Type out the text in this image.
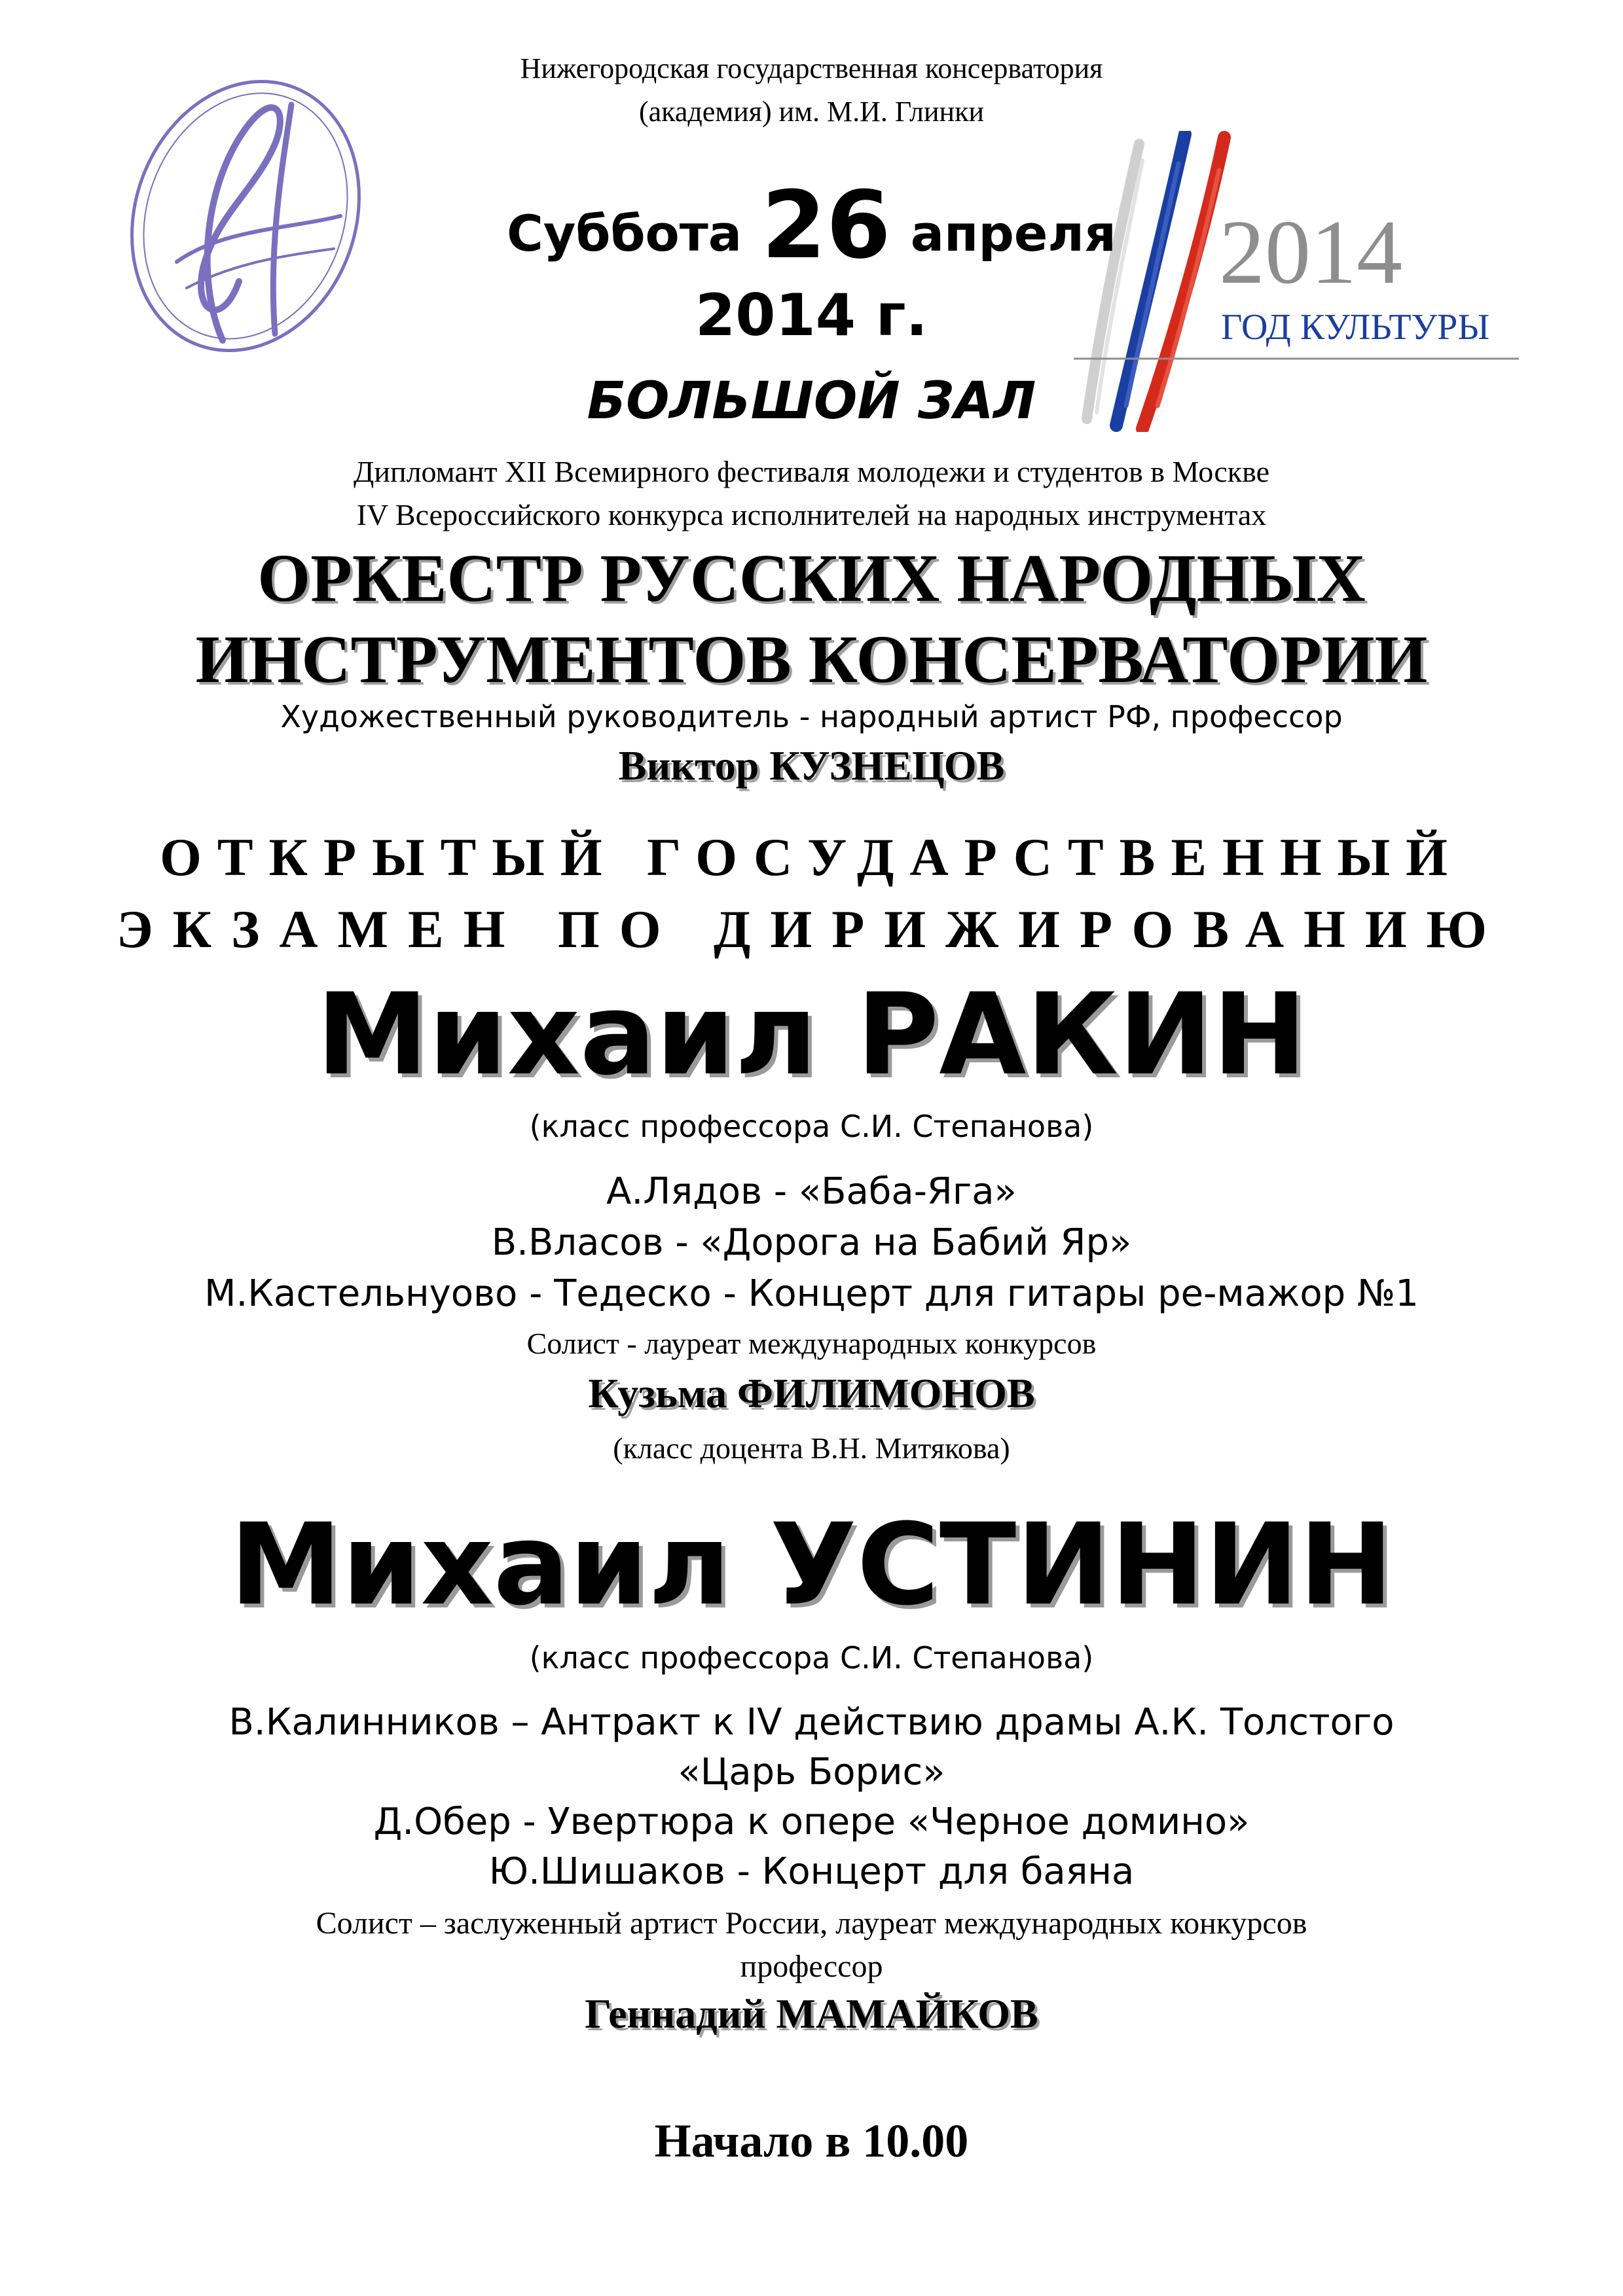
2014
ГОД КУЛЬТУРЫ
Нижегородская государственная консерватория
(академия) им. М.И. Глинки
Суббота 26 апреля
2014 г.
БОЛЬШОЙ ЗАЛ
Дипломант XII Всемирного фестиваля молодежи и студентов в Москве
IV Всероссийского конкурса исполнителей на народных инструментах
ОРКЕСТР РУССКИХ НАРОДНЫХ
ИНСТРУМЕНТОВ КОНСЕРВАТОРИИ
Художественный руководитель - народный артист РФ, профессор
Виктор КУЗНЕЦОВ
ОТКРЫТЫЙ ГОСУДАРСТВЕННЫЙ
ЭКЗАМЕН ПО ДИРИЖИРОВАНИЮ
Михаил РАКИН
(класс профессора С.И. Степанова)
А.Лядов - «Баба-Яга»
В.Власов - «Дорога на Бабий Яр»
М.Кастельнуово - Тедеско - Концерт для гитары ре-мажор №1
Солист - лауреат международных конкурсов
Кузьма ФИЛИМОНОВ
(класс доцента В.Н. Митякова)
Михаил УСТИНИН
(класс профессора С.И. Степанова)
В.Калинников – Антракт к IV действию драмы А.К. Толстого
«Царь Борис»
Д.Обер - Увертюра к опере «Черное домино»
Ю.Шишаков - Концерт для баяна
Солист – заслуженный артист России, лауреат международных конкурсов
профессор
Геннадий МАМАЙКОВ
Начало в 10.00
